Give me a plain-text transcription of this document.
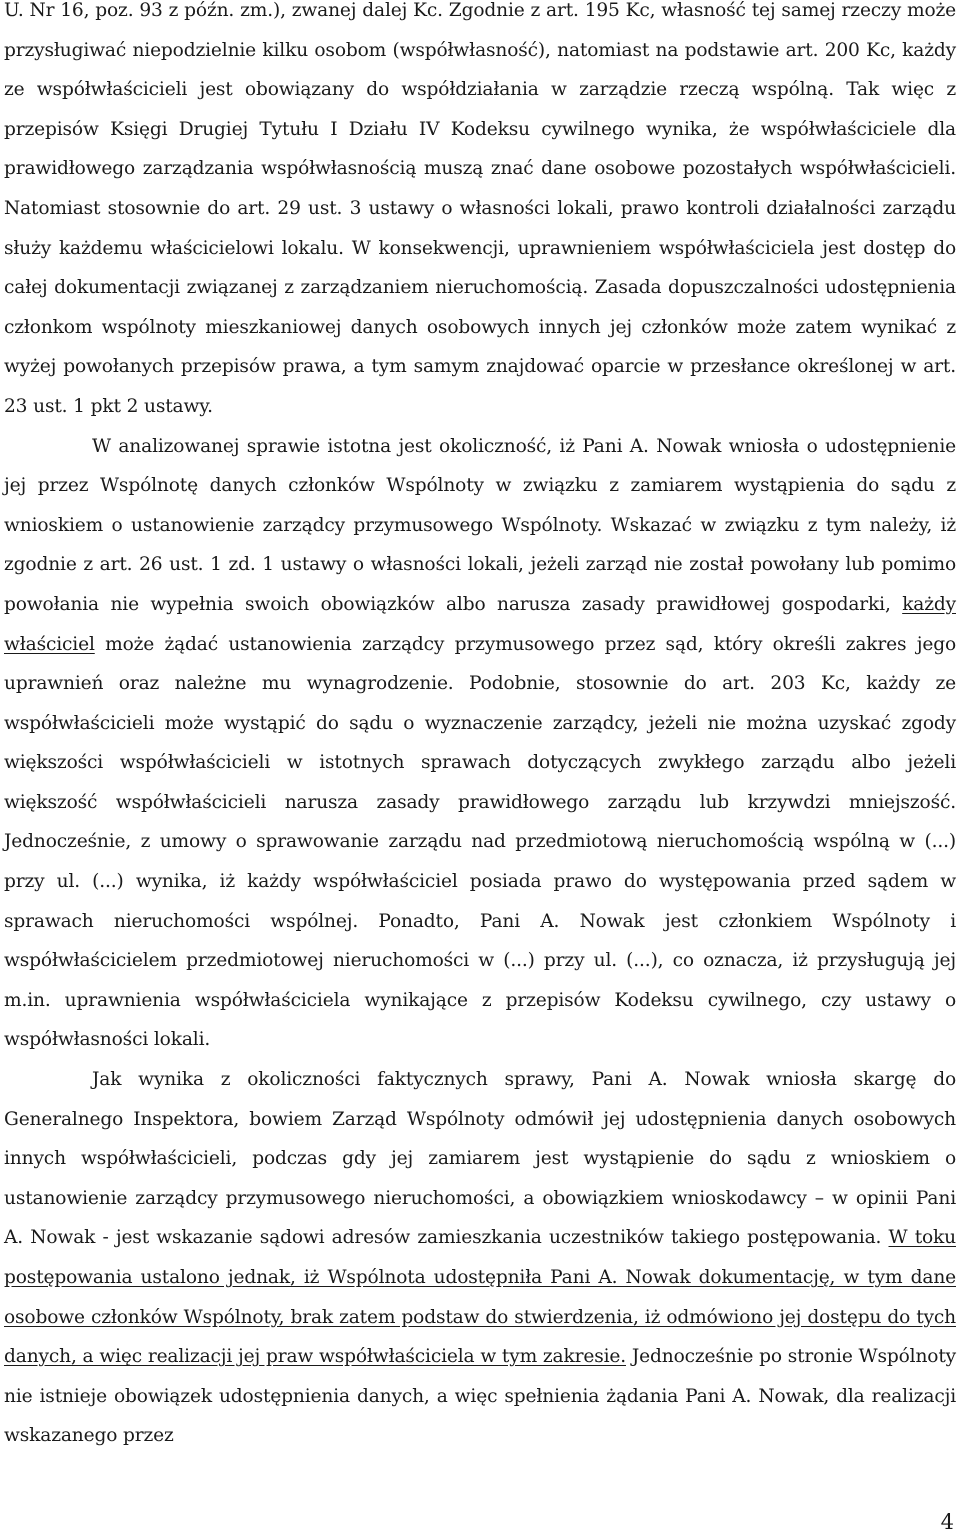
U. Nr 16, poz. 93 z późn. zm.), zwanej dalej Kc. Zgodnie z art. 195 Kc, własność tej samej rzeczy może przysługiwać niepodzielnie kilku osobom (współwłasność), natomiast na podstawie art. 200 Kc, każdy ze współwłaścicieli jest obowiązany do współdziałania w zarządzie rzeczą wspólną. Tak więc z przepisów Księgi Drugiej Tytułu I Działu IV Kodeksu cywilnego wynika, że współwłaściciele dla prawidłowego zarządzania współwłasnością muszą znać dane osobowe pozostałych współwłaścicieli. Natomiast stosownie do art. 29 ust. 3 ustawy o własności lokali, prawo kontroli działalności zarządu służy każdemu właścicielowi lokalu. W konsekwencji, uprawnieniem współwłaściciela jest dostęp do całej dokumentacji związanej z zarządzaniem nieruchomością. Zasada dopuszczalności udostępnienia członkom wspólnoty mieszkaniowej danych osobowych innych jej członków może zatem wynikać z wyżej powołanych przepisów prawa, a tym samym znajdować oparcie w przesłance określonej w art. 23 ust. 1 pkt 2 ustawy.

W analizowanej sprawie istotna jest okoliczność, iż Pani A. Nowak wniosła o udostępnienie jej przez Wspólnotę danych członków Wspólnoty w związku z zamiarem wystąpienia do sądu z wnioskiem o ustanowienie zarządcy przymusowego Wspólnoty. Wskazać w związku z tym należy, iż zgodnie z art. 26 ust. 1 zd. 1 ustawy o własności lokali, jeżeli zarząd nie został powołany lub pomimo powołania nie wypełnia swoich obowiązków albo narusza zasady prawidłowej gospodarki, każdy właściciel może żądać ustanowienia zarządcy przymusowego przez sąd, który określi zakres jego uprawnień oraz należne mu wynagrodzenie. Podobnie, stosownie do art. 203 Kc, każdy ze współwłaścicieli może wystąpić do sądu o wyznaczenie zarządcy, jeżeli nie można uzyskać zgody większości współwłaścicieli w istotnych sprawach dotyczących zwykłego zarządu albo jeżeli większość współwłaścicieli narusza zasady prawidłowego zarządu lub krzywdzi mniejszość. Jednocześnie, z umowy o sprawowanie zarządu nad przedmiotową nieruchomością wspólną w (...) przy ul. (...) wynika, iż każdy współwłaściciel posiada prawo do występowania przed sądem w sprawach nieruchomości wspólnej. Ponadto, Pani A. Nowak jest członkiem Wspólnoty i współwłaścicielem przedmiotowej nieruchomości w (...) przy ul. (...), co oznacza, iż przysługują jej m.in. uprawnienia współwłaściciela wynikające z przepisów Kodeksu cywilnego, czy ustawy o współwłasności lokali.

Jak wynika z okoliczności faktycznych sprawy, Pani A. Nowak wniosła skargę do Generalnego Inspektora, bowiem Zarząd Wspólnoty odmówił jej udostępnienia danych osobowych innych współwłaścicieli, podczas gdy jej zamiarem jest wystąpienie do sądu z wnioskiem o ustanowienie zarządcy przymusowego nieruchomości, a obowiązkiem wnioskodawcy – w opinii Pani A. Nowak - jest wskazanie sądowi adresów zamieszkania uczestników takiego postępowania. W toku postępowania ustalono jednak, iż Wspólnota udostępniła Pani A. Nowak dokumentację, w tym dane osobowe członków Wspólnoty, brak zatem podstaw do stwierdzenia, iż odmówiono jej dostępu do tych danych, a więc realizacji jej praw współwłaściciela w tym zakresie. Jednocześnie po stronie Wspólnoty nie istnieje obowiązek udostępnienia danych, a więc spełnienia żądania Pani A. Nowak, dla realizacji wskazanego przez

4
